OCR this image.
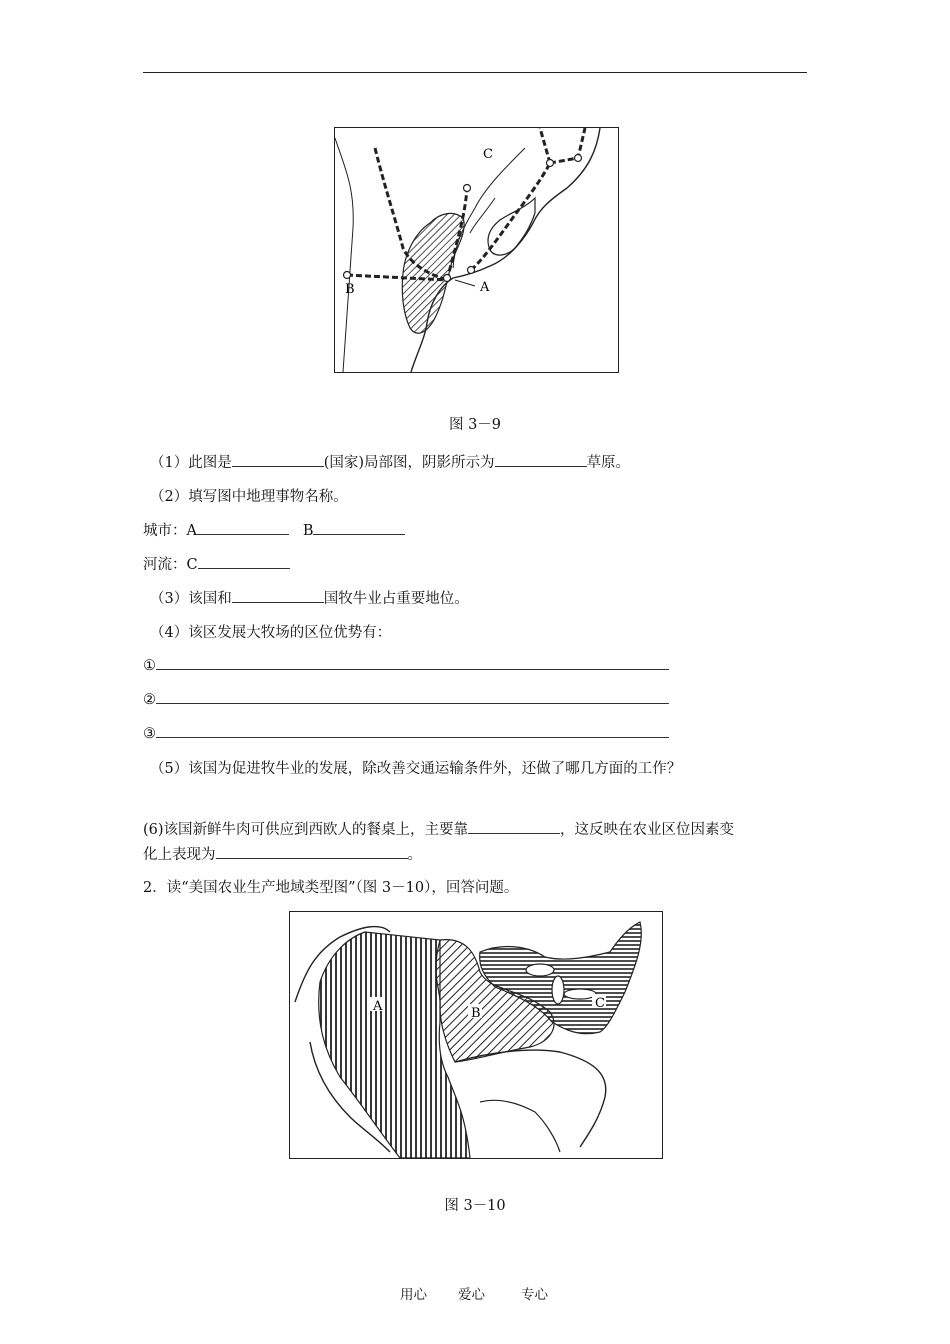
A
B
C
图 3－9
（1）此图是	(国家)局部图，阴影所示为	草原。
（2）填写图中地理事物名称。
城市：A	B
河流：C
（3）该国和	国牧牛业占重要地位。
（4）该区发展大牧场的区位优势有：
①
②
③
（5）该国为促进牧牛业的发展，除改善交通运输条件外，还做了哪几方面的工作？
(6)该国新鲜牛肉可供应到西欧人的餐桌上，主要靠	，这反映在农业区位因素变
化上表现为	。
2．读“美国农业生产地域类型图”（图 3－10），回答问题。
A	B
C
图 3－10
用心 爱心	专心
